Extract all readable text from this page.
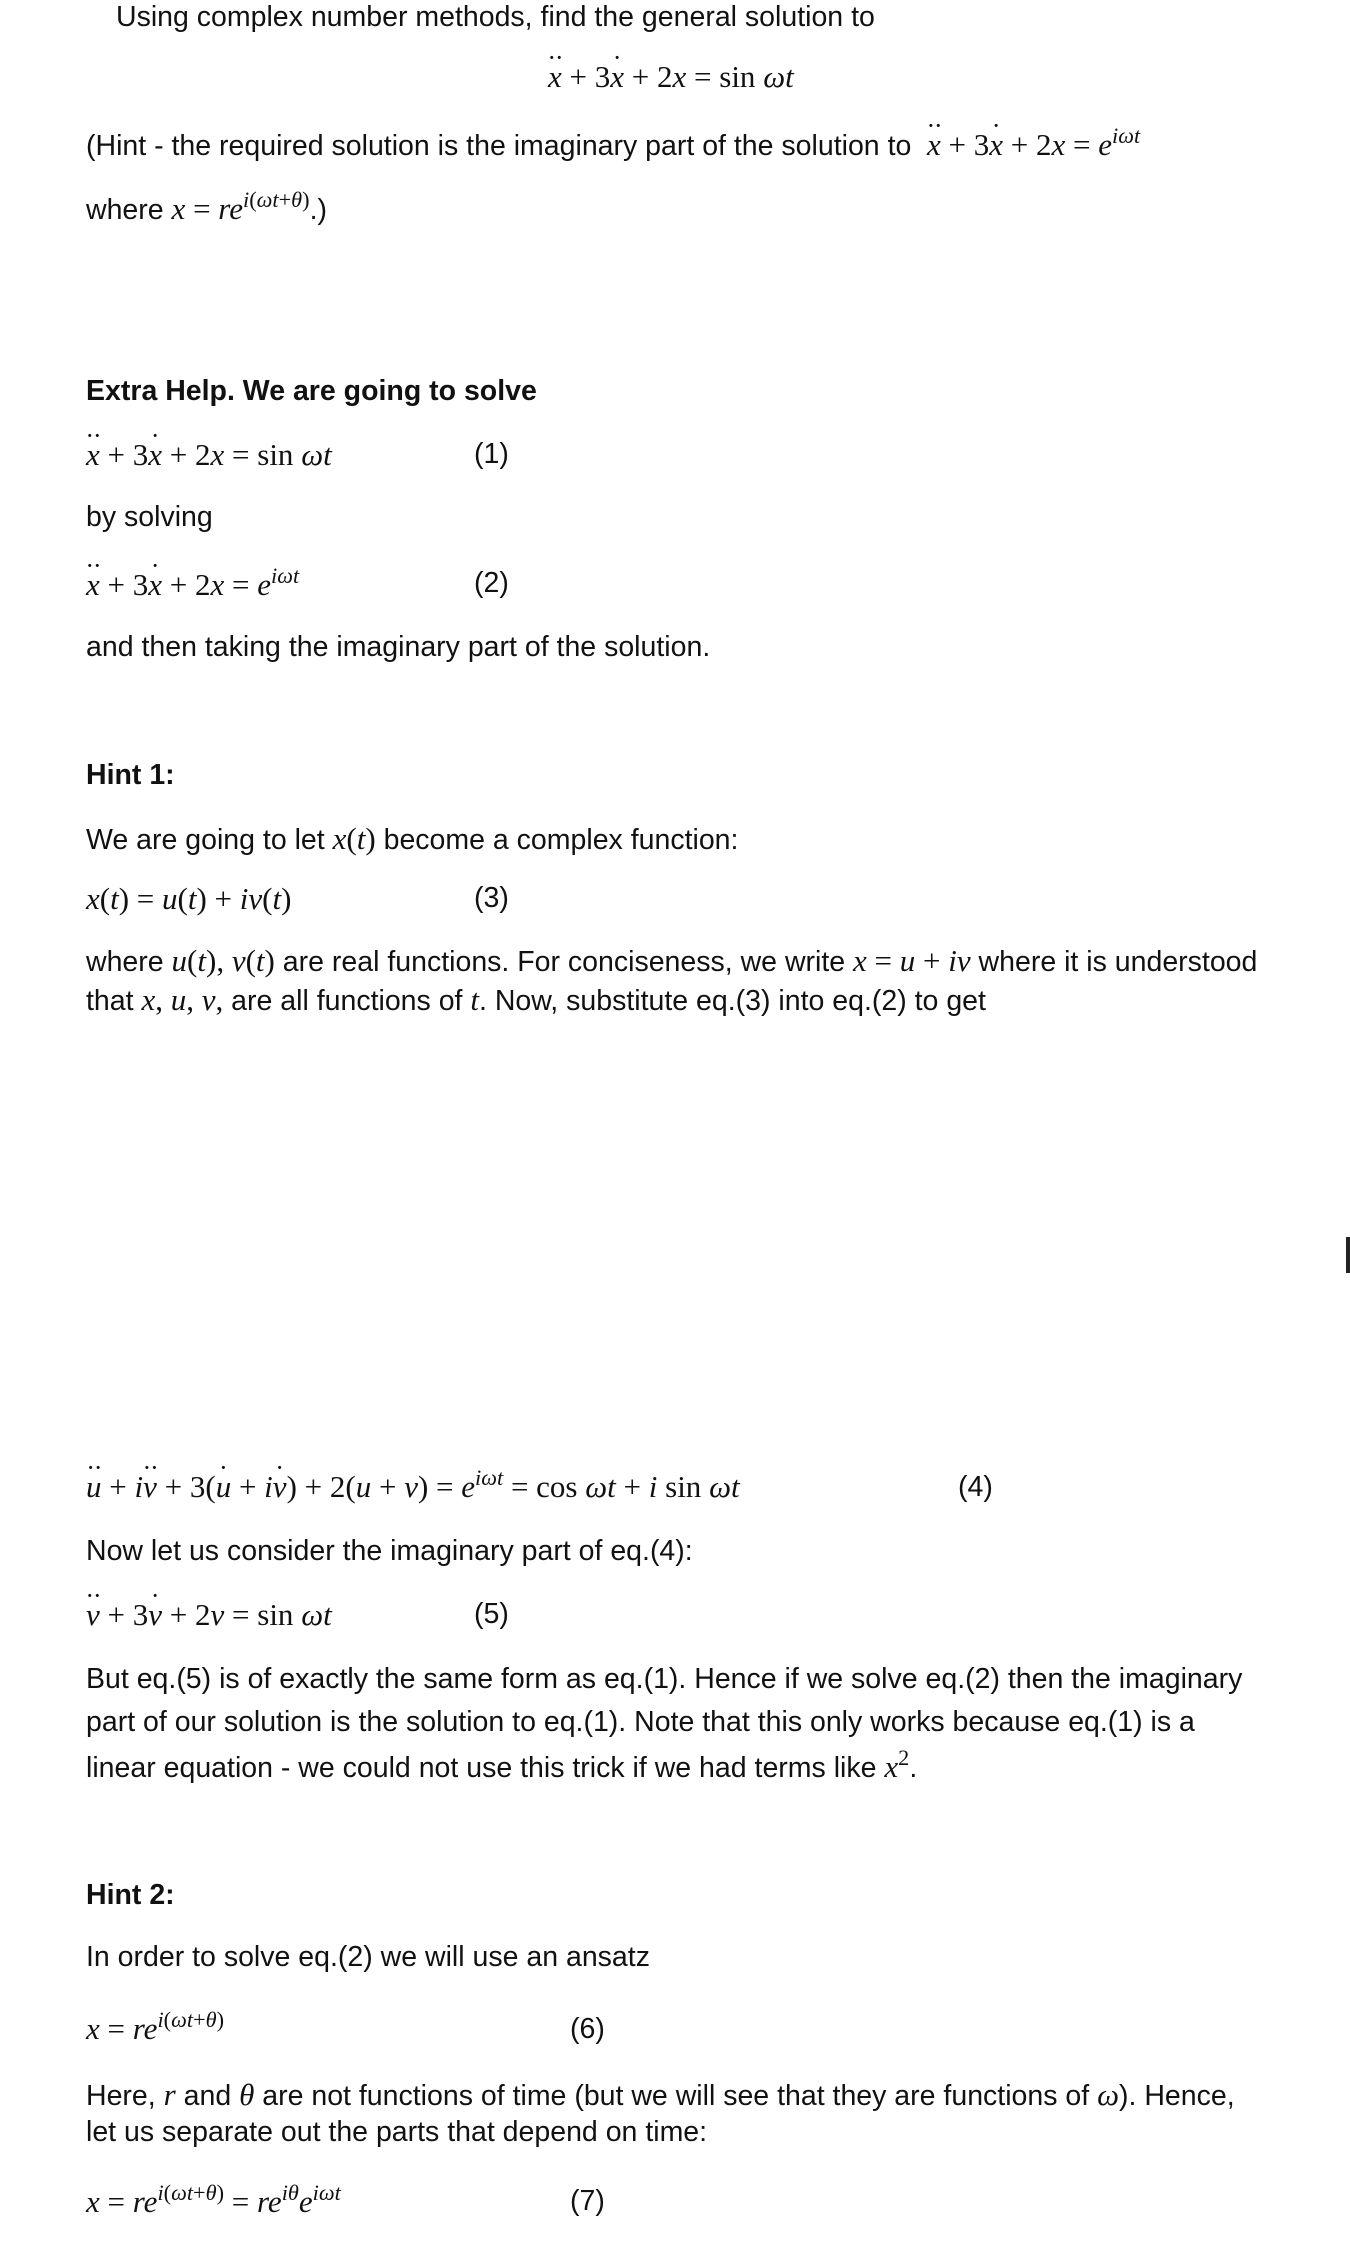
Using complex number methods, find the general solution to
·· x + 3· x + 2x = sin ωt
(Hint - the required solution is the imaginary part of the solution to  ·· $x + 3\cdot x + 2x = e^{i\omega t}$
where $x = re^{i(\omega t+\theta)}$.)
Extra Help. We are going to solve
·· x + 3· x + 2x = sin ωt	(1)
by solving
·· $x + 3\cdot x + 2x = e^{i\omega t}$	(2)
and then taking the imaginary part of the solution.
Hint 1:
We are going to let x(t) become a complex function:
x(t) = u(t) + iv(t)	(3)
where u(t), v(t) are real functions. For conciseness, we write x = u + iv where it is understood
that x, u, v, are all functions of t. Now, substitute eq.(3) into eq.(2) to get
·· $u + i\cdot\cdot v + 3(\cdot u + i\cdot v) + 2(u + v) = e^{i\omega t} = \cos \omega t + i$ sin ωt	(4)
Now let us consider the imaginary part of eq.(4):
·· v + 3· v + 2v = sin ωt	(5)
But eq.(5) is of exactly the same form as eq.(1). Hence if we solve eq.(2) then the imaginary
part of our solution is the solution to eq.(1). Note that this only works because eq.(1) is a
linear equation - we could not use this trick if we had terms like $x^2$.
Hint 2:
In order to solve eq.(2) we will use an ansatz
$x = re^{i(\omega t+\theta)}$	(6)
Here, r and θ are not functions of time (but we will see that they are functions of ω). Hence,
let us separate out the parts that depend on time:
$x = re^{i(\omega t+\theta)} = re^{i\theta}e^{i\omega t}$	(7)
